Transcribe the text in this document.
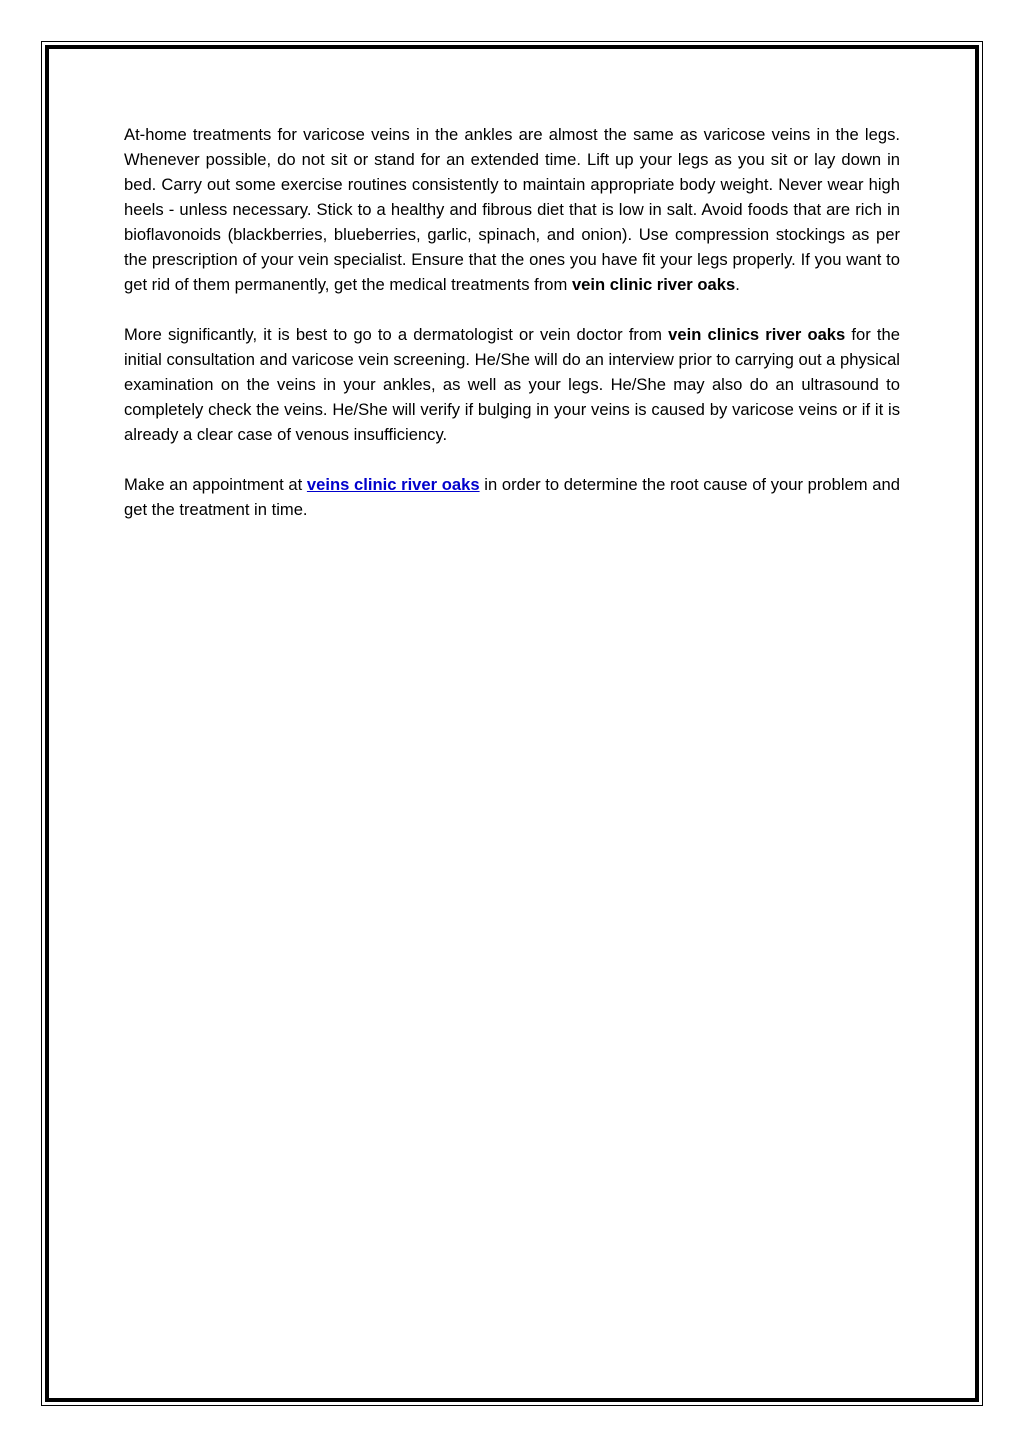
At-home treatments for varicose veins in the ankles are almost the same as varicose veins in the legs. Whenever possible, do not sit or stand for an extended time. Lift up your legs as you sit or lay down in bed. Carry out some exercise routines consistently to maintain appropriate body weight. Never wear high heels - unless necessary. Stick to a healthy and fibrous diet that is low in salt. Avoid foods that are rich in bioflavonoids (blackberries, blueberries, garlic, spinach, and onion). Use compression stockings as per the prescription of your vein specialist. Ensure that the ones you have fit your legs properly. If you want to get rid of them permanently, get the medical treatments from vein clinic river oaks.

More significantly, it is best to go to a dermatologist or vein doctor from vein clinics river oaks for the initial consultation and varicose vein screening. He/She will do an interview prior to carrying out a physical examination on the veins in your ankles, as well as your legs. He/She may also do an ultrasound to completely check the veins. He/She will verify if bulging in your veins is caused by varicose veins or if it is already a clear case of venous insufficiency.

Make an appointment at veins clinic river oaks in order to determine the root cause of your problem and get the treatment in time.
